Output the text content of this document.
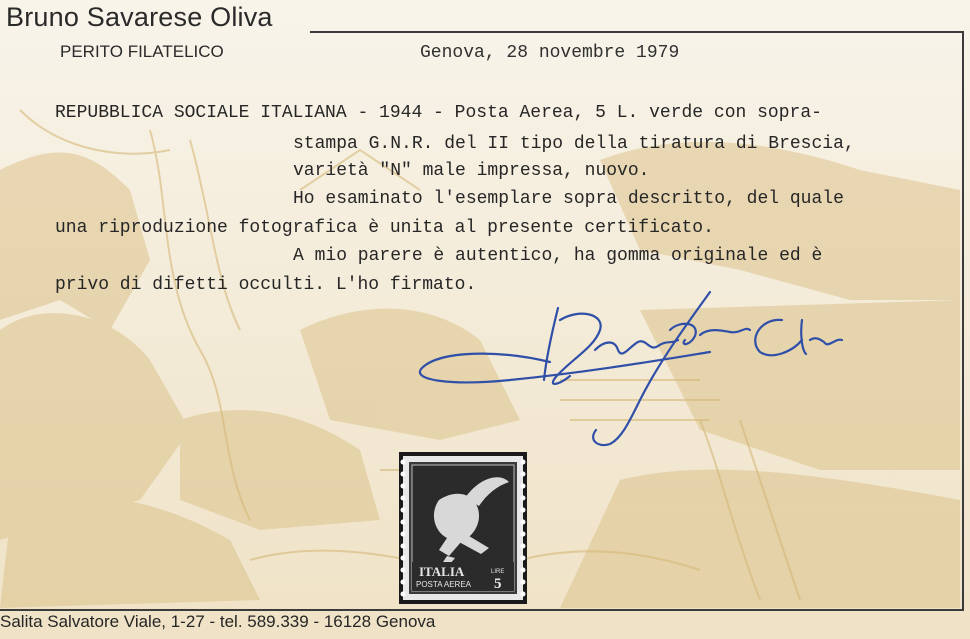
Bruno Savarese Oliva
PERITO FILATELICO	Genova, 28 novembre 1979
REPUBBLICA SOCIALE ITALIANA - 1944 - Posta Aerea, 5 L. verde con sopra-
stampa G.N.R. del II tipo della tiratura di Brescia,
varietà "N" male impressa, nuovo.
Ho esaminato l'esemplare sopra descritto, del quale
una riproduzione fotografica è unita al presente certificato.
A mio parere è autentico, ha gomma originale ed è
privo di difetti occulti. L'ho firmato.
ITALIA
POSTA AEREA
LIRE
5
Salita Salvatore Viale, 1-27 - tel. 589.339 - 16128 Genova
